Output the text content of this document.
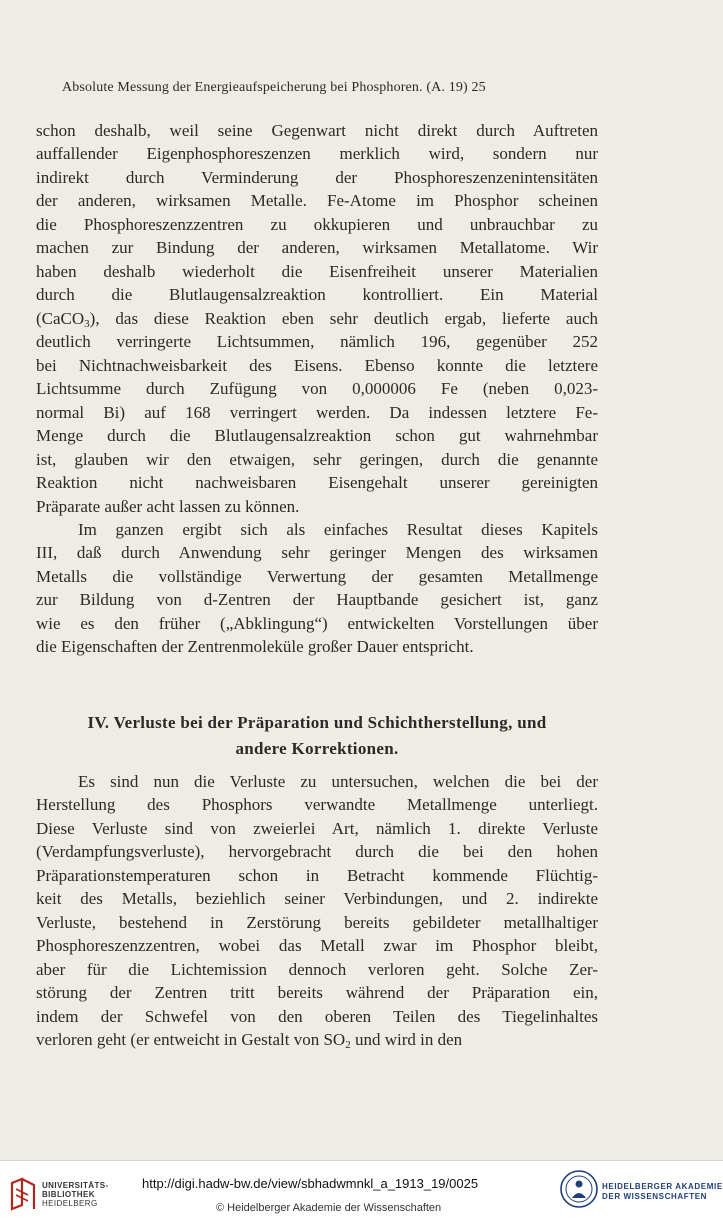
Absolute Messung der Energieaufspeicherung bei Phosphoren. (A. 19) 25
schon deshalb, weil seine Gegenwart nicht direkt durch Auftreten
auffallender Eigenphosphoreszenzen merklich wird, sondern nur
indirekt durch Verminderung der Phosphoreszenzenintensitäten
der anderen, wirksamen Metalle. Fe-Atome im Phosphor scheinen
die Phosphoreszenzzentren zu okkupieren und unbrauchbar zu
machen zur Bindung der anderen, wirksamen Metallatome. Wir
haben deshalb wiederholt die Eisenfreiheit unserer Materialien
durch die Blutlaugensalzreaktion kontrolliert. Ein Material
(CaCO$_3$), das diese Reaktion eben sehr deutlich ergab, lieferte auch
deutlich verringerte Lichtsummen, nämlich 196, gegenüber 252
bei Nichtnachweisbarkeit des Eisens. Ebenso konnte die letztere
Lichtsumme durch Zufügung von 0,000006 Fe (neben 0,023-
normal Bi) auf 168 verringert werden. Da indessen letztere Fe-
Menge durch die Blutlaugensalzreaktion schon gut wahrnehmbar
ist, glauben wir den etwaigen, sehr geringen, durch die genannte
Reaktion nicht nachweisbaren Eisengehalt unserer gereinigten
Präparate außer acht lassen zu können.
Im ganzen ergibt sich als einfaches Resultat dieses Kapitels
III, daß durch Anwendung sehr geringer Mengen des wirksamen
Metalls die vollständige Verwertung der gesamten Metallmenge
zur Bildung von d-Zentren der Hauptbande gesichert ist, ganz
wie es den früher („Abklingung“) entwickelten Vorstellungen über
die Eigenschaften der Zentrenmoleküle großer Dauer entspricht.
IV. Verluste bei der Präparation und Schichtherstellung, und
andere Korrektionen.
Es sind nun die Verluste zu untersuchen, welchen die bei der
Herstellung des Phosphors verwandte Metallmenge unterliegt.
Diese Verluste sind von zweierlei Art, nämlich 1. direkte Verluste
(Verdampfungsverluste), hervorgebracht durch die bei den hohen
Präparationstemperaturen schon in Betracht kommende Flüchtig-
keit des Metalls, beziehlich seiner Verbindungen, und 2. indirekte
Verluste, bestehend in Zerstörung bereits gebildeter metallhaltiger
Phosphoreszenzzentren, wobei das Metall zwar im Phosphor bleibt,
aber für die Lichtemission dennoch verloren geht. Solche Zer-
störung der Zentren tritt bereits während der Präparation ein,
indem der Schwefel von den oberen Teilen des Tiegelinhaltes
verloren geht (er entweicht in Gestalt von $SO_2$ und wird in den
UNIVERSITÄTS-
BIBLIOTHEK
HEIDELBERG
http://digi.hadw-bw.de/view/sbhadwmnkl_a_1913_19/0025
© Heidelberger Akademie der Wissenschaften
HEIDELBERGER AKADEMIE
DER WISSENSCHAFTEN
